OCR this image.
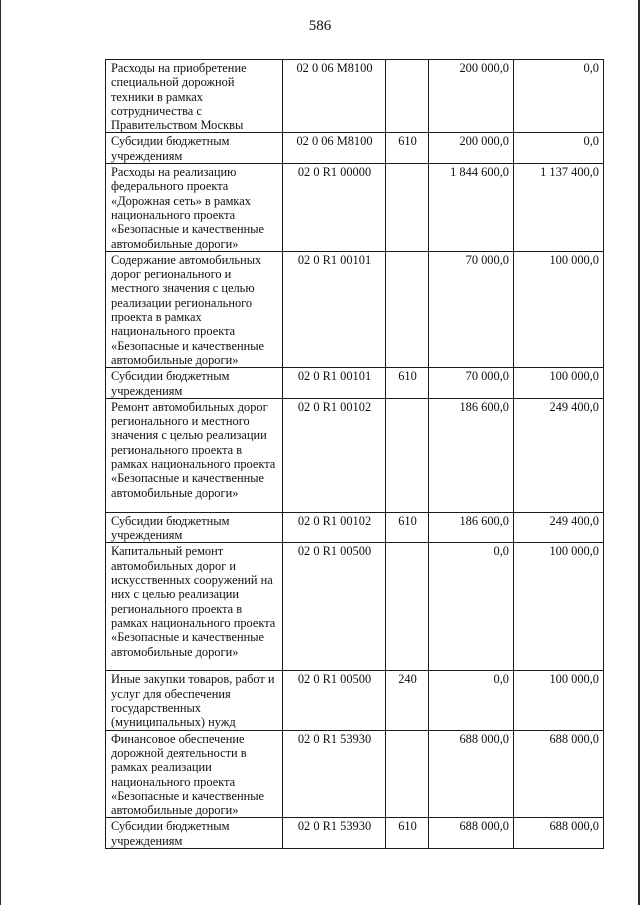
586
Расходы на приобретение специальной дорожной техники в рамках сотрудничества с Правительством Москвы	02 0 06 M8100		200 000,0	0,0
Субсидии бюджетным учреждениям	02 0 06 M8100	610	200 000,0	0,0
Расходы на реализацию федерального проекта «Дорожная сеть» в рамках национального проекта «Безопасные и качественные автомобильные дороги»	02 0 R1 00000		1 844 600,0	1 137 400,0
Содержание автомобильных дорог регионального и местного значения с целью реализации регионального проекта в рамках национального проекта «Безопасные и качественные автомобильные дороги»	02 0 R1 00101		70 000,0	100 000,0
Субсидии бюджетным учреждениям	02 0 R1 00101	610	70 000,0	100 000,0
Ремонт автомобильных дорог регионального и местного значения с целью реализации регионального проекта в рамках национального проекта «Безопасные и качественные автомобильные дороги»	02 0 R1 00102		186 600,0	249 400,0
Субсидии бюджетным учреждениям	02 0 R1 00102	610	186 600,0	249 400,0
Капитальный ремонт автомобильных дорог и искусственных сооружений на них с целью реализации регионального проекта в рамках национального проекта «Безопасные и качественные автомобильные дороги»	02 0 R1 00500		0,0	100 000,0
Иные закупки товаров, работ и услуг для обеспечения государственных (муниципальных) нужд	02 0 R1 00500	240	0,0	100 000,0
Финансовое обеспечение дорожной деятельности в рамках реализации национального проекта «Безопасные и качественные автомобильные дороги»	02 0 R1 53930		688 000,0	688 000,0
Субсидии бюджетным учреждениям	02 0 R1 53930	610	688 000,0	688 000,0
